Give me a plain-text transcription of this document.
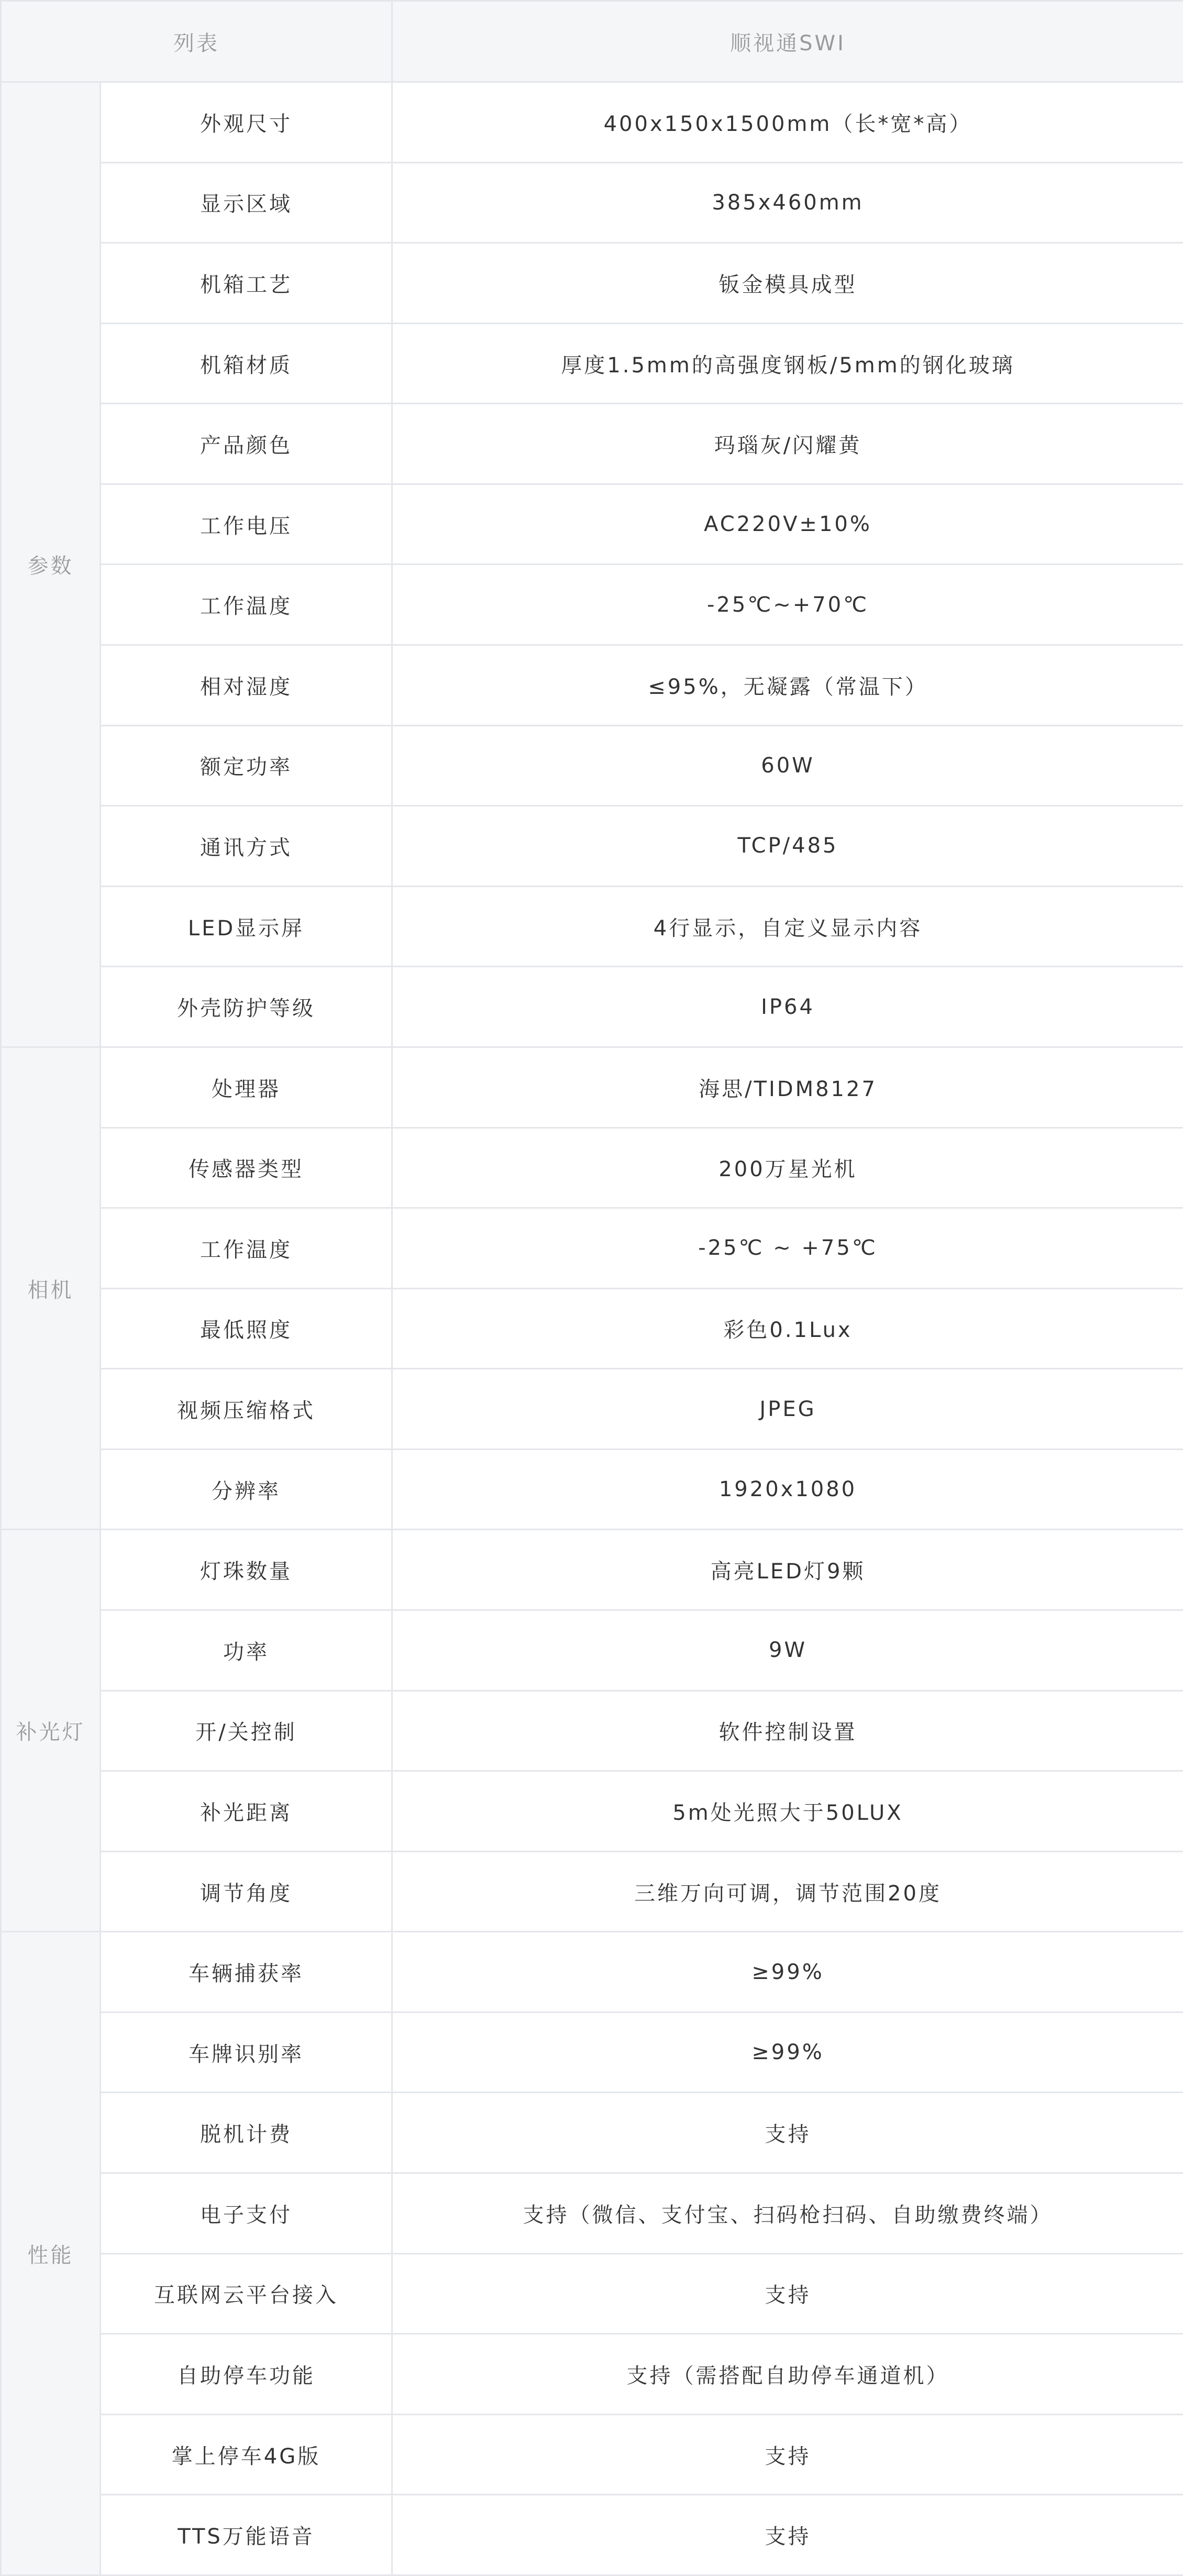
列表		顺视通SWI
参数	外观尺寸	400x150x1500mm（长*宽*高）
	显示区域	385x460mm
	机箱工艺	钣金模具成型
	机箱材质	厚度1.5mm的高强度钢板/5mm的钢化玻璃
	产品颜色	玛瑙灰/闪耀黄
	工作电压	AC220V±10%
	工作温度	-25℃~+70℃
	相对湿度	≤95%，无凝露（常温下）
	额定功率	60W
	通讯方式	TCP/485
	LED显示屏	4行显示，自定义显示内容
	外壳防护等级	IP64
相机	处理器	海思/TIDM8127
	传感器类型	200万星光机
	工作温度	-25℃ ~ +75℃
	最低照度	彩色0.1Lux
	视频压缩格式	JPEG
	分辨率	1920x1080
补光灯	灯珠数量	高亮LED灯9颗
	功率	9W
	开/关控制	软件控制设置
	补光距离	5m处光照大于50LUX
	调节角度	三维万向可调，调节范围20度
性能	车辆捕获率	≥99%
	车牌识别率	≥99%
	脱机计费	支持
	电子支付	支持（微信、支付宝、扫码枪扫码、自助缴费终端）
	互联网云平台接入	支持
	自助停车功能	支持（需搭配自助停车通道机）
	掌上停车4G版	支持
	TTS万能语音	支持
